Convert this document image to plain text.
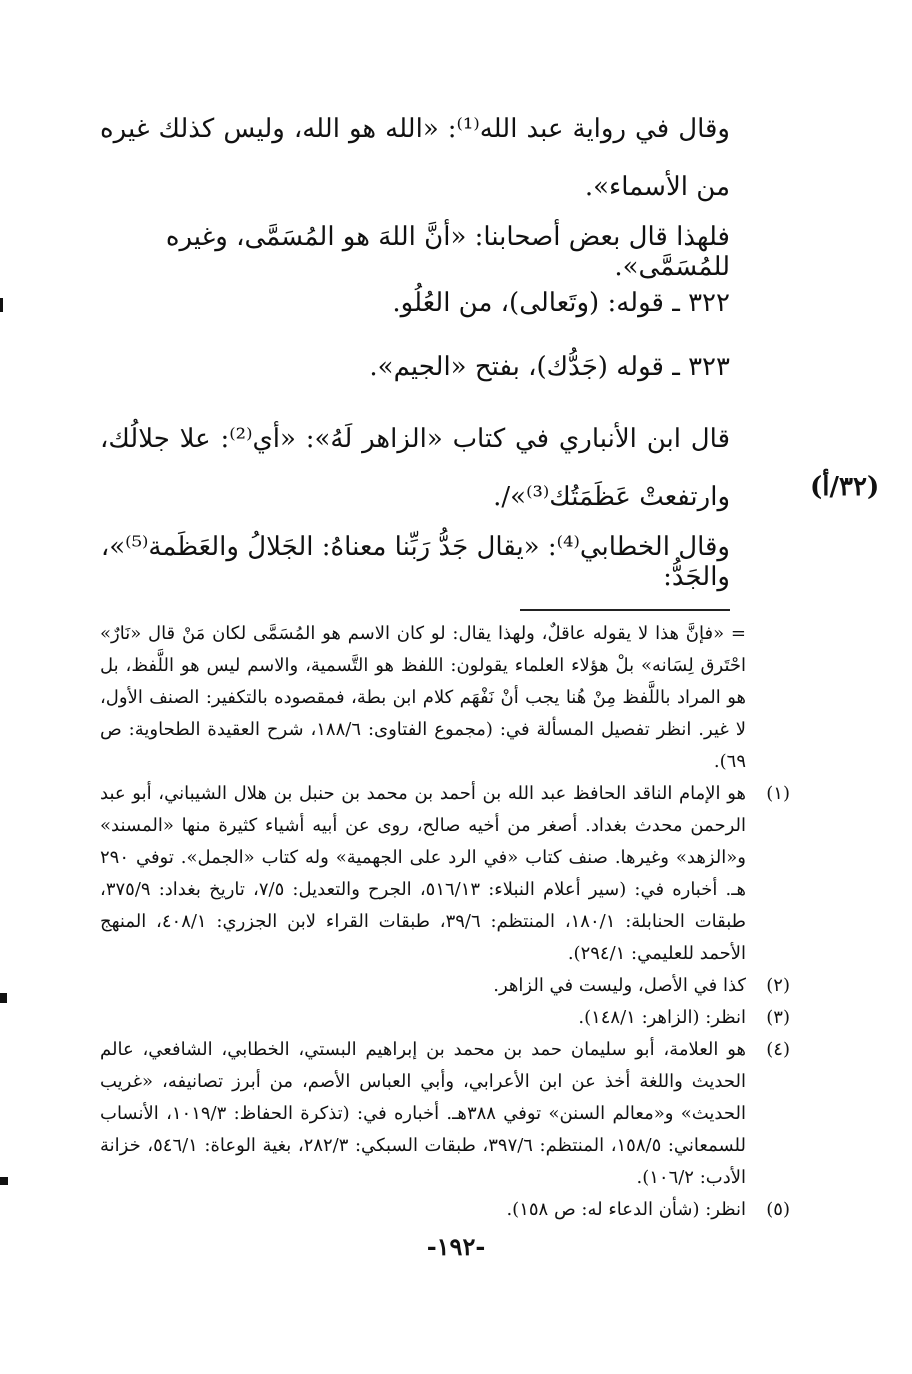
وقال في رواية عبد الله⁽¹⁾: «الله هو الله، وليس كذلك غيره من الأسماء».
فلهذا قال بعض أصحابنا: «أنَّ اللهَ هو المُسَمَّى، وغيره للمُسَمَّى».
٣٢٢ ـ قوله: (وتَعالى)، من العُلُو.
٣٢٣ ـ قوله (جَدُّك)، بفتح «الجيم».
قال ابن الأنباري في كتاب «الزاهر لَهُ»: «أي⁽²⁾: علا جلالُك، وارتفعتْ عَظَمَتُك⁽³⁾»/.	(٣٢/أ)
وقال الخطابي⁽⁴⁾: «يقال جَدُّ رَبِّنا معناهُ: الجَلالُ والعَظَمة⁽⁵⁾»، والجَدُّ:
= «فإنَّ هذا لا يقوله عاقلٌ، ولهذا يقال: لو كان الاسم هو المُسَمَّى لكان مَنْ قال «نَارٌ» احْتَرق لِسَانه» بلْ هؤلاء العلماء يقولون: اللفظ هو التَّسمية، والاسم ليس هو اللَّفظ، بل هو المراد باللَّفظ مِنْ هُنا يجب أنْ نَفْهَم كلام ابن بطة، فمقصوده بالتكفير: الصنف الأول، لا غير. انظر تفصيل المسألة في: (مجموع الفتاوى: ١٨٨/٦، شرح العقيدة الطحاوية: ص ٦٩).
(١)
هو الإمام الناقد الحافظ عبد الله بن أحمد بن محمد بن حنبل بن هلال الشيباني، أبو عبد الرحمن محدث بغداد. أصغر من أخيه صالح، روى عن أبيه أشياء كثيرة منها «المسند» و«الزهد» وغيرها. صنف كتاب «في الرد على الجهمية» وله كتاب «الجمل». توفي ٢٩٠ هـ. أخباره في: (سير أعلام النبلاء: ٥١٦/١٣، الجرح والتعديل: ٧/٥، تاريخ بغداد: ٣٧٥/٩، طبقات الحنابلة: ١٨٠/١، المنتظم: ٣٩/٦، طبقات القراء لابن الجزري: ٤٠٨/١، المنهج الأحمد للعليمي: ٢٩٤/١).
(٢)
كذا في الأصل، وليست في الزاهر.
(٣)
انظر: (الزاهر: ١٤٨/١).
(٤)
هو العلامة، أبو سليمان حمد بن محمد بن إبراهيم البستي، الخطابي، الشافعي، عالم الحديث واللغة أخذ عن ابن الأعرابي، وأبي العباس الأصم، من أبرز تصانيفه، «غريب الحديث» و«معالم السنن» توفي ٣٨٨هـ. أخباره في: (تذكرة الحفاظ: ١٠١٩/٣، الأنساب للسمعاني: ١٥٨/٥، المنتظم: ٣٩٧/٦، طبقات السبكي: ٢٨٢/٣، بغية الوعاة: ٥٤٦/١، خزانة الأدب: ١٠٦/٢).
(٥)
انظر: (شأن الدعاء له: ص ١٥٨).
-١٩٢-
